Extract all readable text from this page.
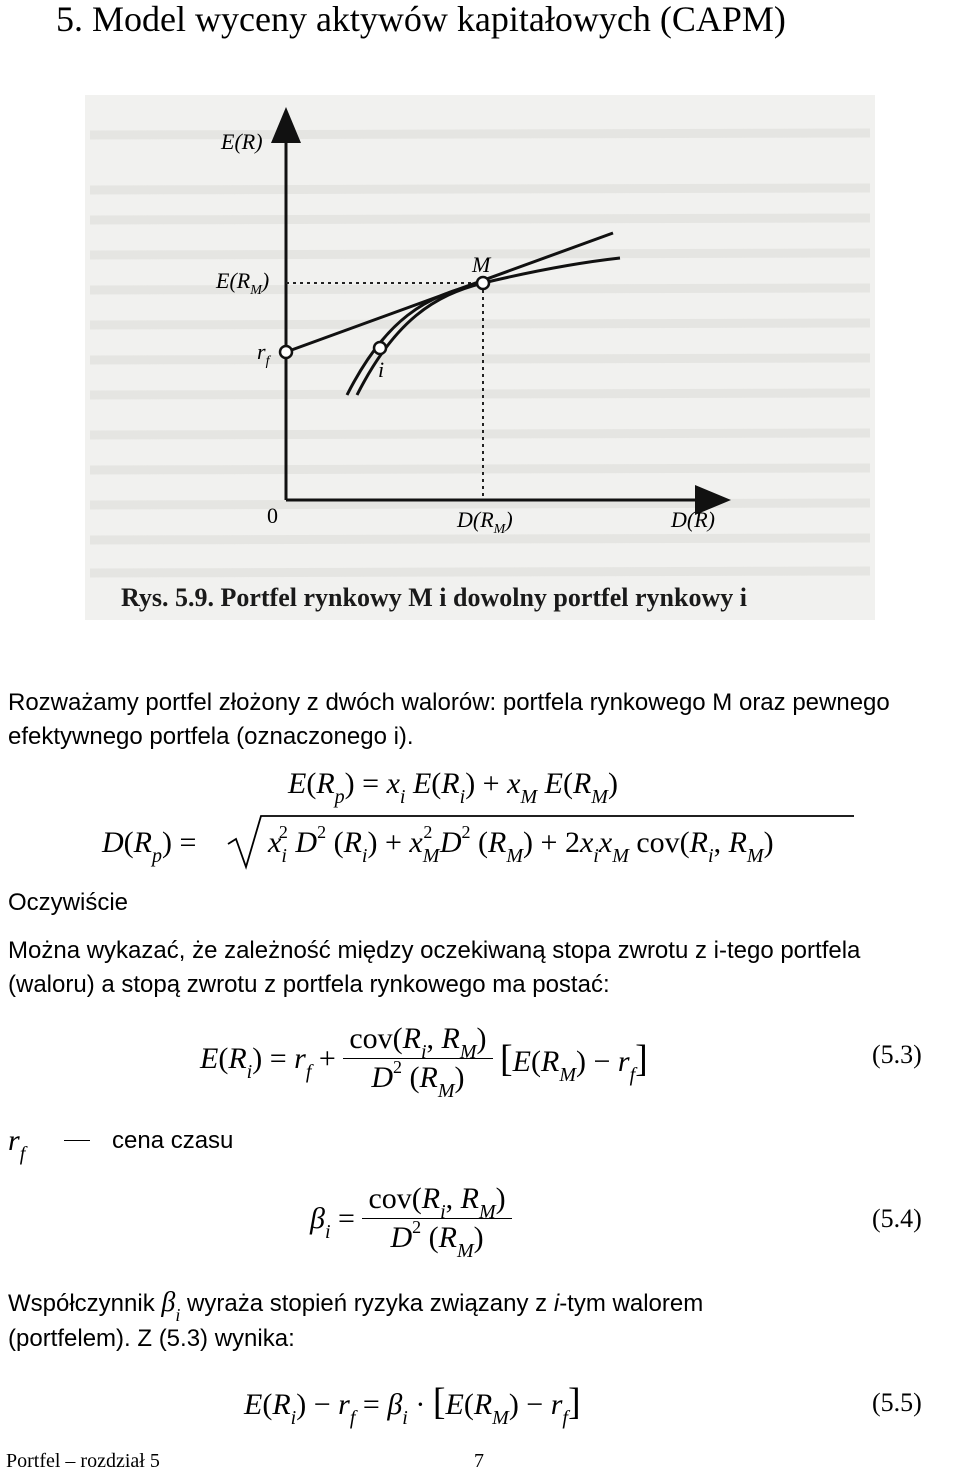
5. Model wyceny aktywów kapitałowych (CAPM)
E(R)
D(R)
0
M
i
$E(R_M)$
$r_f$
$D(R_M)$
Rys. 5.9. Portfel rynkowy M i dowolny portfel rynkowy i
Rozważamy portfel złożony z dwóch walorów: portfela rynkowego M oraz pewnego efektywnego portfela (oznaczonego i).
$E(R_p) = x_i$ $E(R_i) + x_M$ $E(R_M)$
$D(R_p) = x_i^2$ $D^2$ $(R_i) + x_M^2$ $D^2$ $(R_M) + 2x_ix_M$ $cov(R_i$, $R_M$)
Oczywiście
Można wykazać, że zależność między oczekiwaną stopa zwrotu z i-tego portfela (waloru) a stopą zwrotu z portfela rynkowego ma postać:
$E(R_i) = r_f + \frac{cov(R_i, R_M)}{D^2 (R_M)} [E(R_M) - r_f]$	(5.3)
$r_f$	cena czasu
$\beta_i = \frac{cov(R_i, R_M)}{D^2 (R_M)}$	(5.4)
Współczynnik $\beta_i$ wyraża stopień ryzyka związany z i-tym walorem
(portfelem). Z (5.3) wynika:
$E(R_i) - r_f = \beta_i \cdot [E(R_M) - r_f]$	(5.5)
Portfel – rozdział 5	7
